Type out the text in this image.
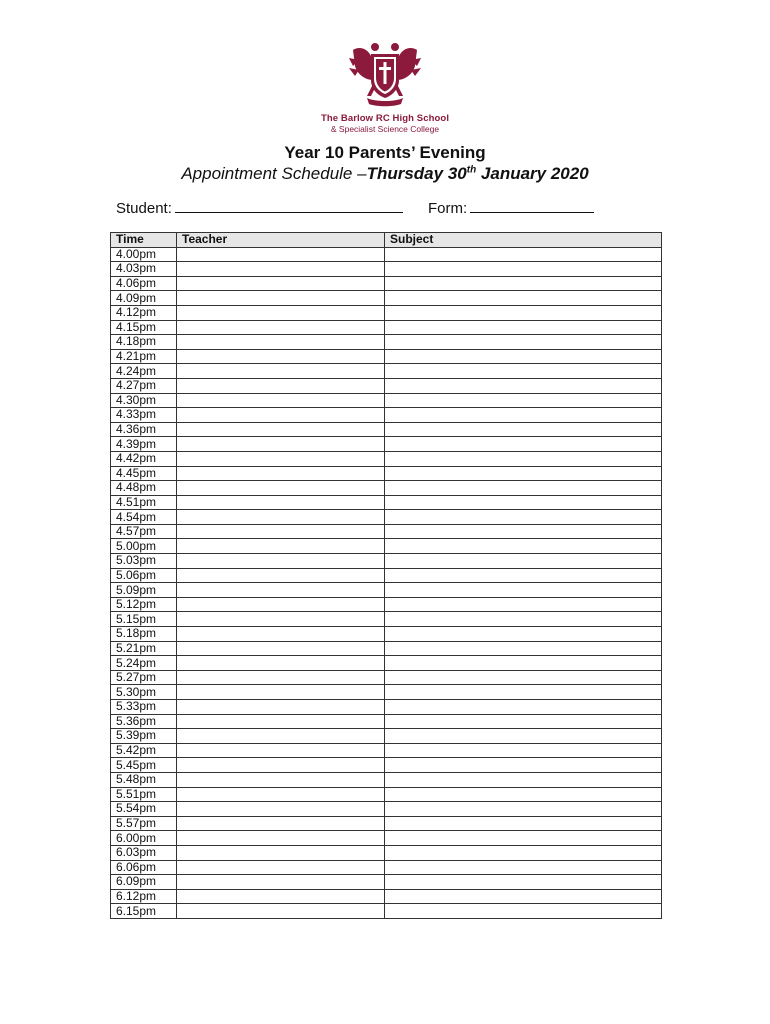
The Barlow RC High School
& Specialist Science College
Year 10 Parents’ Evening
Appointment Schedule –Thursday 30th January 2020
Student:	Form:
Time	Teacher	Subject
4.00pm		
4.03pm		
4.06pm		
4.09pm		
4.12pm		
4.15pm		
4.18pm		
4.21pm		
4.24pm		
4.27pm		
4.30pm		
4.33pm		
4.36pm		
4.39pm		
4.42pm		
4.45pm		
4.48pm		
4.51pm		
4.54pm		
4.57pm		
5.00pm		
5.03pm		
5.06pm		
5.09pm		
5.12pm		
5.15pm		
5.18pm		
5.21pm		
5.24pm		
5.27pm		
5.30pm		
5.33pm		
5.36pm		
5.39pm		
5.42pm		
5.45pm		
5.48pm		
5.51pm		
5.54pm		
5.57pm		
6.00pm		
6.03pm		
6.06pm		
6.09pm		
6.12pm		
6.15pm		
